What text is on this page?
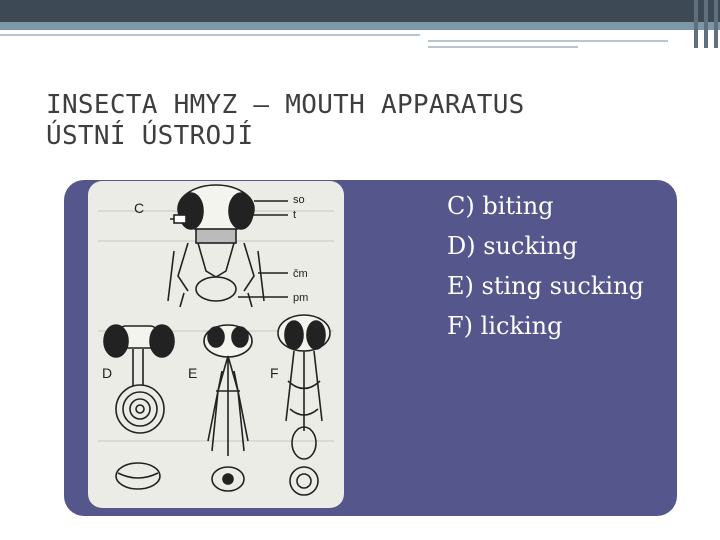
INSECTA HMYZ – MOUTH APPARATUS
ÚSTNÍ ÚSTROJÍ
C	so
t
čm
pm
D	E	F
C) biting
D) sucking
E) sting sucking
F) licking
